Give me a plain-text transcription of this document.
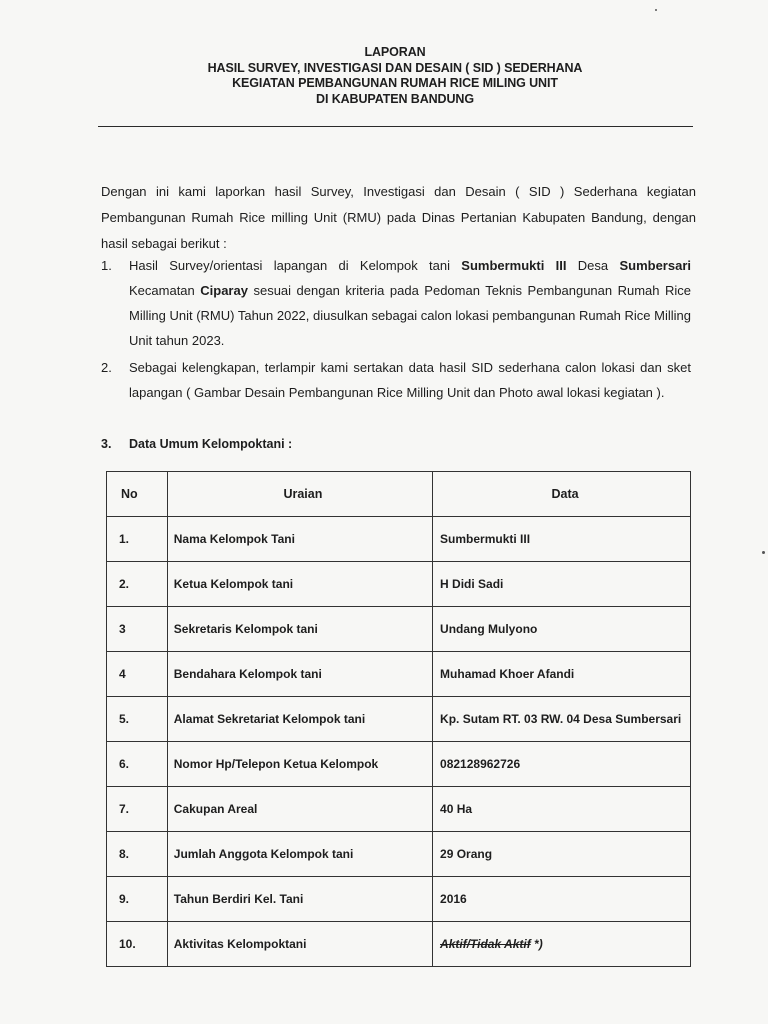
LAPORAN
HASIL SURVEY, INVESTIGASI DAN DESAIN ( SID ) SEDERHANA
KEGIATAN PEMBANGUNAN RUMAH RICE MILING UNIT
DI KABUPATEN BANDUNG
Dengan ini kami laporkan hasil Survey, Investigasi dan Desain ( SID ) Sederhana kegiatan Pembangunan Rumah Rice milling Unit (RMU) pada Dinas Pertanian Kabupaten Bandung, dengan hasil sebagai berikut :
1. Hasil Survey/orientasi lapangan di Kelompok tani Sumbermukti III Desa Sumbersari Kecamatan Ciparay sesuai dengan kriteria pada Pedoman Teknis Pembangunan Rumah Rice Milling Unit (RMU) Tahun 2022, diusulkan sebagai calon lokasi pembangunan Rumah Rice Milling Unit tahun 2023.
2. Sebagai kelengkapan, terlampir kami sertakan data hasil SID sederhana calon lokasi dan sket lapangan ( Gambar Desain Pembangunan Rice Milling Unit dan Photo awal lokasi kegiatan ).
3. Data Umum Kelompoktani :
No	Uraian	Data
1.	Nama Kelompok Tani	Sumbermukti III
2.	Ketua Kelompok tani	H Didi Sadi
3	Sekretaris Kelompok tani	Undang Mulyono
4	Bendahara Kelompok tani	Muhamad Khoer Afandi
5.	Alamat Sekretariat Kelompok tani	Kp. Sutam RT. 03 RW. 04 Desa Sumbersari
6.	Nomor Hp/Telepon Ketua Kelompok	082128962726
7.	Cakupan Areal	40 Ha
8.	Jumlah Anggota Kelompok tani	29 Orang
9.	Tahun Berdiri Kel. Tani	2016
10.	Aktivitas Kelompoktani	Aktif/Tidak Aktif *)
